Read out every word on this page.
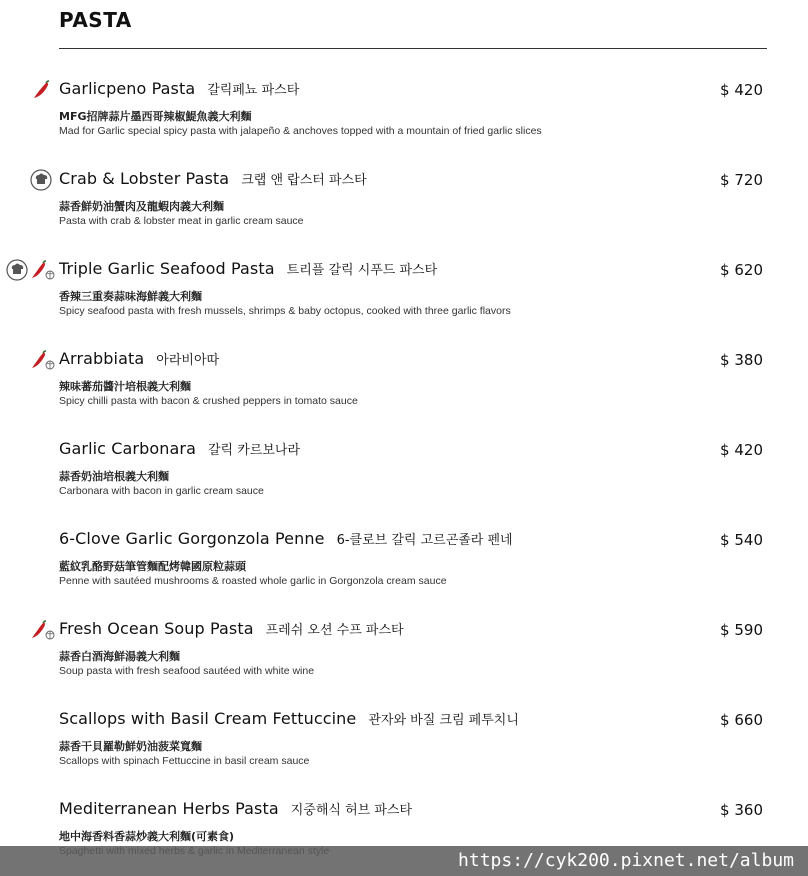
PASTA
Garlicpeno Pasta 갈릭페뇨 파스타	$ 420
MFG招牌蒜片墨西哥辣椒鯷魚義大利麵
Mad for Garlic special spicy pasta with jalapeño & anchoves topped with a mountain of fried garlic slices
Crab & Lobster Pasta 크랩 앤 랍스터 파스타	$ 720
蒜香鮮奶油蟹肉及龍蝦肉義大利麵
Pasta with crab & lobster meat in garlic cream sauce
Triple Garlic Seafood Pasta 트리플 갈릭 시푸드 파스타	$ 620
香辣三重奏蒜味海鮮義大利麵
Spicy seafood pasta with fresh mussels, shrimps & baby octopus, cooked with three garlic flavors
Arrabbiata 아라비아따	$ 380
辣味蕃茄醬汁培根義大利麵
Spicy chilli pasta with bacon & crushed peppers in tomato sauce
Garlic Carbonara 갈릭 카르보나라	$ 420
蒜香奶油培根義大利麵
Carbonara with bacon in garlic cream sauce
6-Clove Garlic Gorgonzola Penne 6-클로브 갈릭 고르곤졸라 펜네	$ 540
藍紋乳酪野菇筆管麵配烤韓國原粒蒜頭
Penne with sautéed mushrooms & roasted whole garlic in Gorgonzola cream sauce
Fresh Ocean Soup Pasta 프레쉬 오션 수프 파스타	$ 590
蒜香白酒海鮮湯義大利麵
Soup pasta with fresh seafood sautéed with white wine
Scallops with Basil Cream Fettuccine 관자와 바질 크림 페투치니	$ 660
蒜香干貝羅勒鮮奶油菠菜寬麵
Scallops with spinach Fettuccine in basil cream sauce
Mediterranean Herbs Pasta 지중해식 허브 파스타	$ 360
地中海香料香蒜炒義大利麵(可素食)
https://cyk200.pixnet.net/album
